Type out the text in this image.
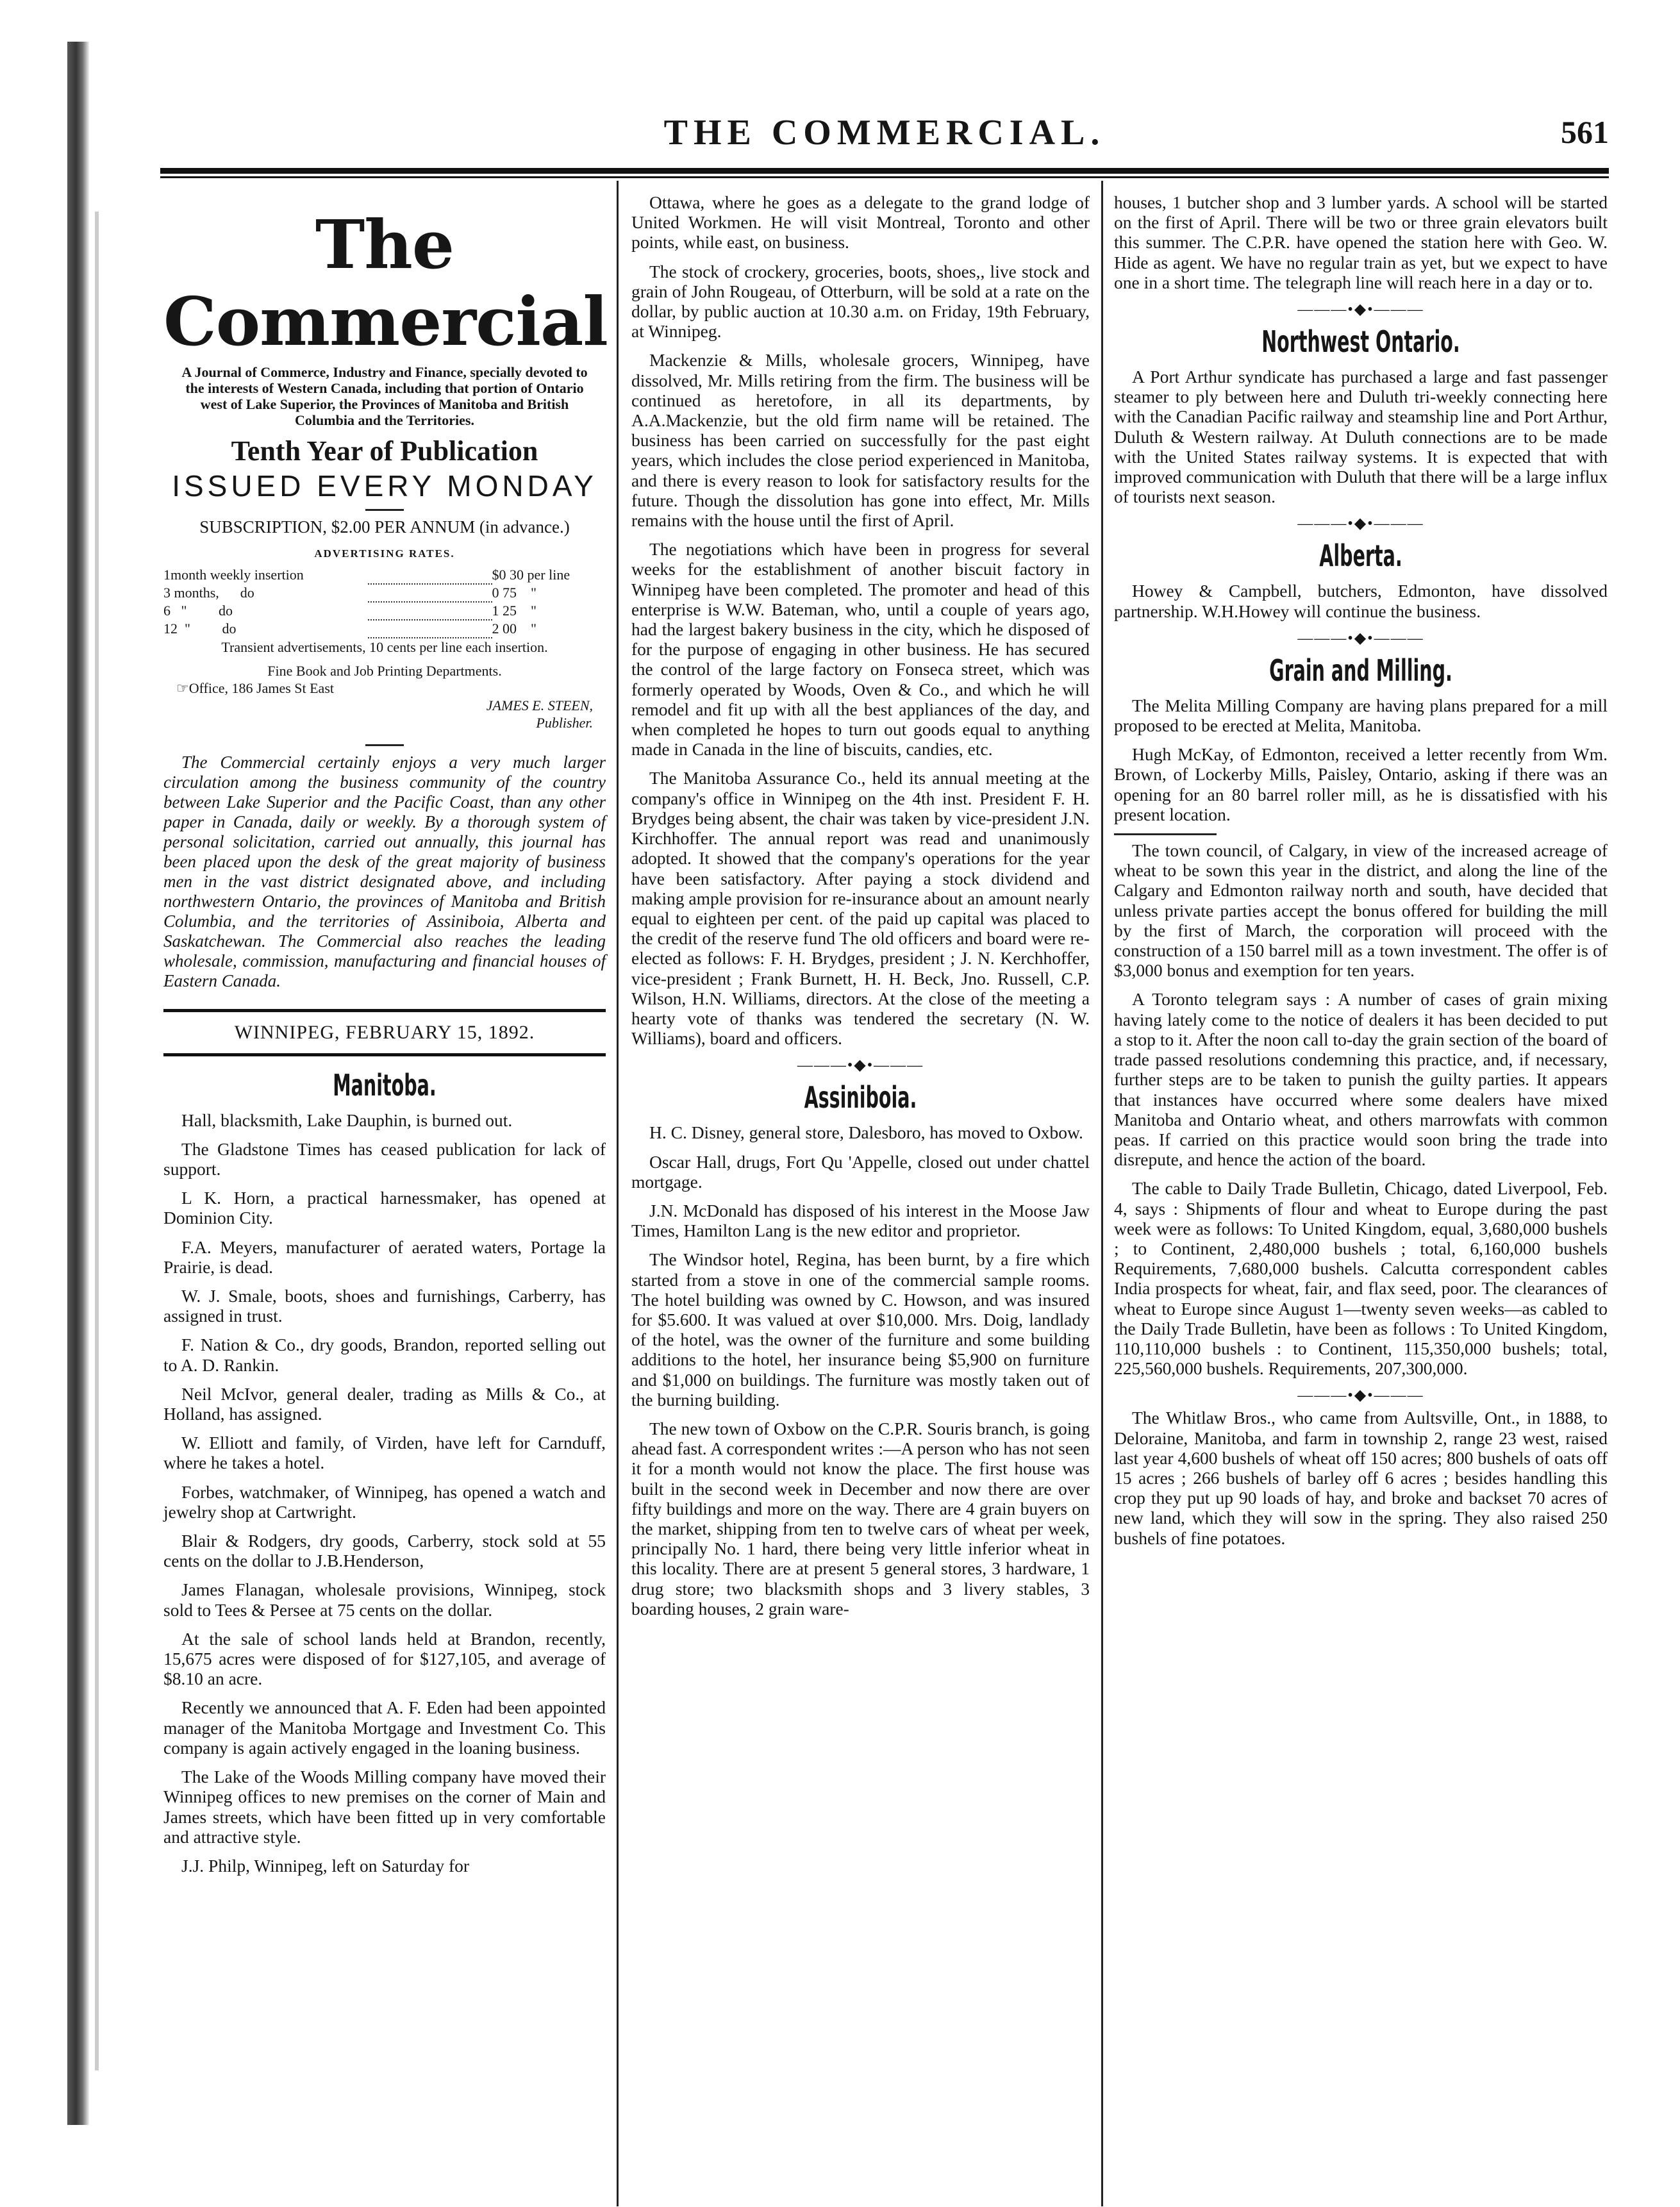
THE COMMERCIAL.	561
The Commercial
A Journal of Commerce, Industry and Finance, specially devoted to the interests of Western Canada, including that portion of Ontario west of Lake Superior, the Provinces of Manitoba and British Columbia and the Territories.
Tenth Year of Publication
ISSUED EVERY MONDAY
SUBSCRIPTION, $2.00 PER ANNUM (in advance.)
ADVERTISING RATES.
1month weekly insertion		$0 30 per line
3 months,      do		0 75    "
6   "         do		1 25    "
12  "         do		2 00    "
Transient advertisements, 10 cents per line each insertion.
Fine Book and Job Printing Departments.
☞Office, 186 James St East
JAMES E. STEEN,
Publisher.

The Commercial certainly enjoys a very much larger circulation among the business community of the country between Lake Superior and the Pacific Coast, than any other paper in Canada, daily or weekly. By a thorough system of personal solicitation, carried out annually, this journal has been placed upon the desk of the great majority of business men in the vast district designated above, and including northwestern Ontario, the provinces of Manitoba and British Columbia, and the territories of Assiniboia, Alberta and Saskatchewan. The Commercial also reaches the leading wholesale, commission, manufacturing and financial houses of Eastern Canada.

WINNIPEG, FEBRUARY 15, 1892.
Manitoba.

Hall, blacksmith, Lake Dauphin, is burned out.

The Gladstone Times has ceased publication for lack of support.

L K. Horn, a practical harnessmaker, has opened at Dominion City.

F.A. Meyers, manufacturer of aerated waters, Portage la Prairie, is dead.

W. J. Smale, boots, shoes and furnishings, Carberry, has assigned in trust.

F. Nation & Co., dry goods, Brandon, reported selling out to A. D. Rankin.

Neil McIvor, general dealer, trading as Mills & Co., at Holland, has assigned.

W. Elliott and family, of Virden, have left for Carnduff, where he takes a hotel.

Forbes, watchmaker, of Winnipeg, has opened a watch and jewelry shop at Cartwright.

Blair & Rodgers, dry goods, Carberry, stock sold at 55 cents on the dollar to J.B.Henderson,

James Flanagan, wholesale provisions, Winnipeg, stock sold to Tees & Persee at 75 cents on the dollar.

At the sale of school lands held at Brandon, recently, 15,675 acres were disposed of for $127,105, and average of $8.10 an acre.

Recently we announced that A. F. Eden had been appointed manager of the Manitoba Mortgage and Investment Co. This company is again actively engaged in the loaning business.

The Lake of the Woods Milling company have moved their Winnipeg offices to new premises on the corner of Main and James streets, which have been fitted up in very comfortable and attractive style.

J.J. Philp, Winnipeg, left on Saturday for

Ottawa, where he goes as a delegate to the grand lodge of United Workmen. He will visit Montreal, Toronto and other points, while east, on business.

The stock of crockery, groceries, boots, shoes,, live stock and grain of John Rougeau, of Otterburn, will be sold at a rate on the dollar, by public auction at 10.30 a.m. on Friday, 19th February, at Winnipeg.

Mackenzie & Mills, wholesale grocers, Winnipeg, have dissolved, Mr. Mills retiring from the firm. The business will be continued as heretofore, in all its departments, by A.A.Mackenzie, but the old firm name will be retained. The business has been carried on successfully for the past eight years, which includes the close period experienced in Manitoba, and there is every reason to look for satisfactory results for the future. Though the dissolution has gone into effect, Mr. Mills remains with the house until the first of April.

The negotiations which have been in progress for several weeks for the establishment of another biscuit factory in Winnipeg have been completed. The promoter and head of this enterprise is W.W. Bateman, who, until a couple of years ago, had the largest bakery business in the city, which he disposed of for the purpose of engaging in other business. He has secured the control of the large factory on Fonseca street, which was formerly operated by Woods, Oven & Co., and which he will remodel and fit up with all the best appliances of the day, and when completed he hopes to turn out goods equal to anything made in Canada in the line of biscuits, candies, etc.

The Manitoba Assurance Co., held its annual meeting at the company's office in Winnipeg on the 4th inst. President F. H. Brydges being absent, the chair was taken by vice-president J.N. Kirchhoffer. The annual report was read and unanimously adopted. It showed that the company's operations for the year have been satisfactory. After paying a stock dividend and making ample provision for re-insurance about an amount nearly equal to eighteen per cent. of the paid up capital was placed to the credit of the reserve fund The old officers and board were re-elected as follows: F. H. Brydges, president ; J. N. Kerchhoffer, vice-president ; Frank Burnett, H. H. Beck, Jno. Russell, C.P. Wilson, H.N. Williams, directors. At the close of the meeting a hearty vote of thanks was tendered the secretary (N. W. Williams), board and officers.

———•◆•———
Assiniboia.

H. C. Disney, general store, Dalesboro, has moved to Oxbow.

Oscar Hall, drugs, Fort Qu 'Appelle, closed out under chattel mortgage.

J.N. McDonald has disposed of his interest in the Moose Jaw Times, Hamilton Lang is the new editor and proprietor.

The Windsor hotel, Regina, has been burnt, by a fire which started from a stove in one of the commercial sample rooms. The hotel building was owned by C. Howson, and was insured for $5.600. It was valued at over $10,000. Mrs. Doig, landlady of the hotel, was the owner of the furniture and some building additions to the hotel, her insurance being $5,900 on furniture and $1,000 on buildings. The furniture was mostly taken out of the burning building.

The new town of Oxbow on the C.P.R. Souris branch, is going ahead fast. A correspondent writes :—A person who has not seen it for a month would not know the place. The first house was built in the second week in December and now there are over fifty buildings and more on the way. There are 4 grain buyers on the market, shipping from ten to twelve cars of wheat per week, principally No. 1 hard, there being very little inferior wheat in this locality. There are at present 5 general stores, 3 hardware, 1 drug store; two blacksmith shops and 3 livery stables, 3 boarding houses, 2 grain ware-

houses, 1 butcher shop and 3 lumber yards. A school will be started on the first of April. There will be two or three grain elevators built this summer. The C.P.R. have opened the station here with Geo. W. Hide as agent. We have no regular train as yet, but we expect to have one in a short time. The telegraph line will reach here in a day or to.

———•◆•———
Northwest Ontario.

A Port Arthur syndicate has purchased a large and fast passenger steamer to ply between here and Duluth tri-weekly connecting here with the Canadian Pacific railway and steamship line and Port Arthur, Duluth & Western railway. At Duluth connections are to be made with the United States railway systems. It is expected that with improved communication with Duluth that there will be a large influx of tourists next season.

———•◆•———
Alberta.

Howey & Campbell, butchers, Edmonton, have dissolved partnership. W.H.Howey will continue the business.

———•◆•———
Grain and Milling.

The Melita Milling Company are having plans prepared for a mill proposed to be erected at Melita, Manitoba.

Hugh McKay, of Edmonton, received a letter recently from Wm. Brown, of Lockerby Mills, Paisley, Ontario, asking if there was an opening for an 80 barrel roller mill, as he is dissatisfied with his present location.

The town council, of Calgary, in view of the increased acreage of wheat to be sown this year in the district, and along the line of the Calgary and Edmonton railway north and south, have decided that unless private parties accept the bonus offered for building the mill by the first of March, the corporation will proceed with the construction of a 150 barrel mill as a town investment. The offer is of $3,000 bonus and exemption for ten years.

A Toronto telegram says : A number of cases of grain mixing having lately come to the notice of dealers it has been decided to put a stop to it. After the noon call to-day the grain section of the board of trade passed resolutions condemning this practice, and, if necessary, further steps are to be taken to punish the guilty parties. It appears that instances have occurred where some dealers have mixed Manitoba and Ontario wheat, and others marrowfats with common peas. If carried on this practice would soon bring the trade into disrepute, and hence the action of the board.

The cable to Daily Trade Bulletin, Chicago, dated Liverpool, Feb. 4, says : Shipments of flour and wheat to Europe during the past week were as follows: To United Kingdom, equal, 3,680,000 bushels ; to Continent, 2,480,000 bushels ; total, 6,160,000 bushels Requirements, 7,680,000 bushels. Calcutta correspondent cables India prospects for wheat, fair, and flax seed, poor. The clearances of wheat to Europe since August 1—twenty seven weeks—as cabled to the Daily Trade Bulletin, have been as follows : To United Kingdom, 110,110,000 bushels : to Continent, 115,350,000 bushels; total, 225,560,000 bushels. Requirements, 207,300,000.

———•◆•———

The Whitlaw Bros., who came from Aultsville, Ont., in 1888, to Deloraine, Manitoba, and farm in township 2, range 23 west, raised last year 4,600 bushels of wheat off 150 acres; 800 bushels of oats off 15 acres ; 266 bushels of barley off 6 acres ; besides handling this crop they put up 90 loads of hay, and broke and backset 70 acres of new land, which they will sow in the spring. They also raised 250 bushels of fine potatoes.
